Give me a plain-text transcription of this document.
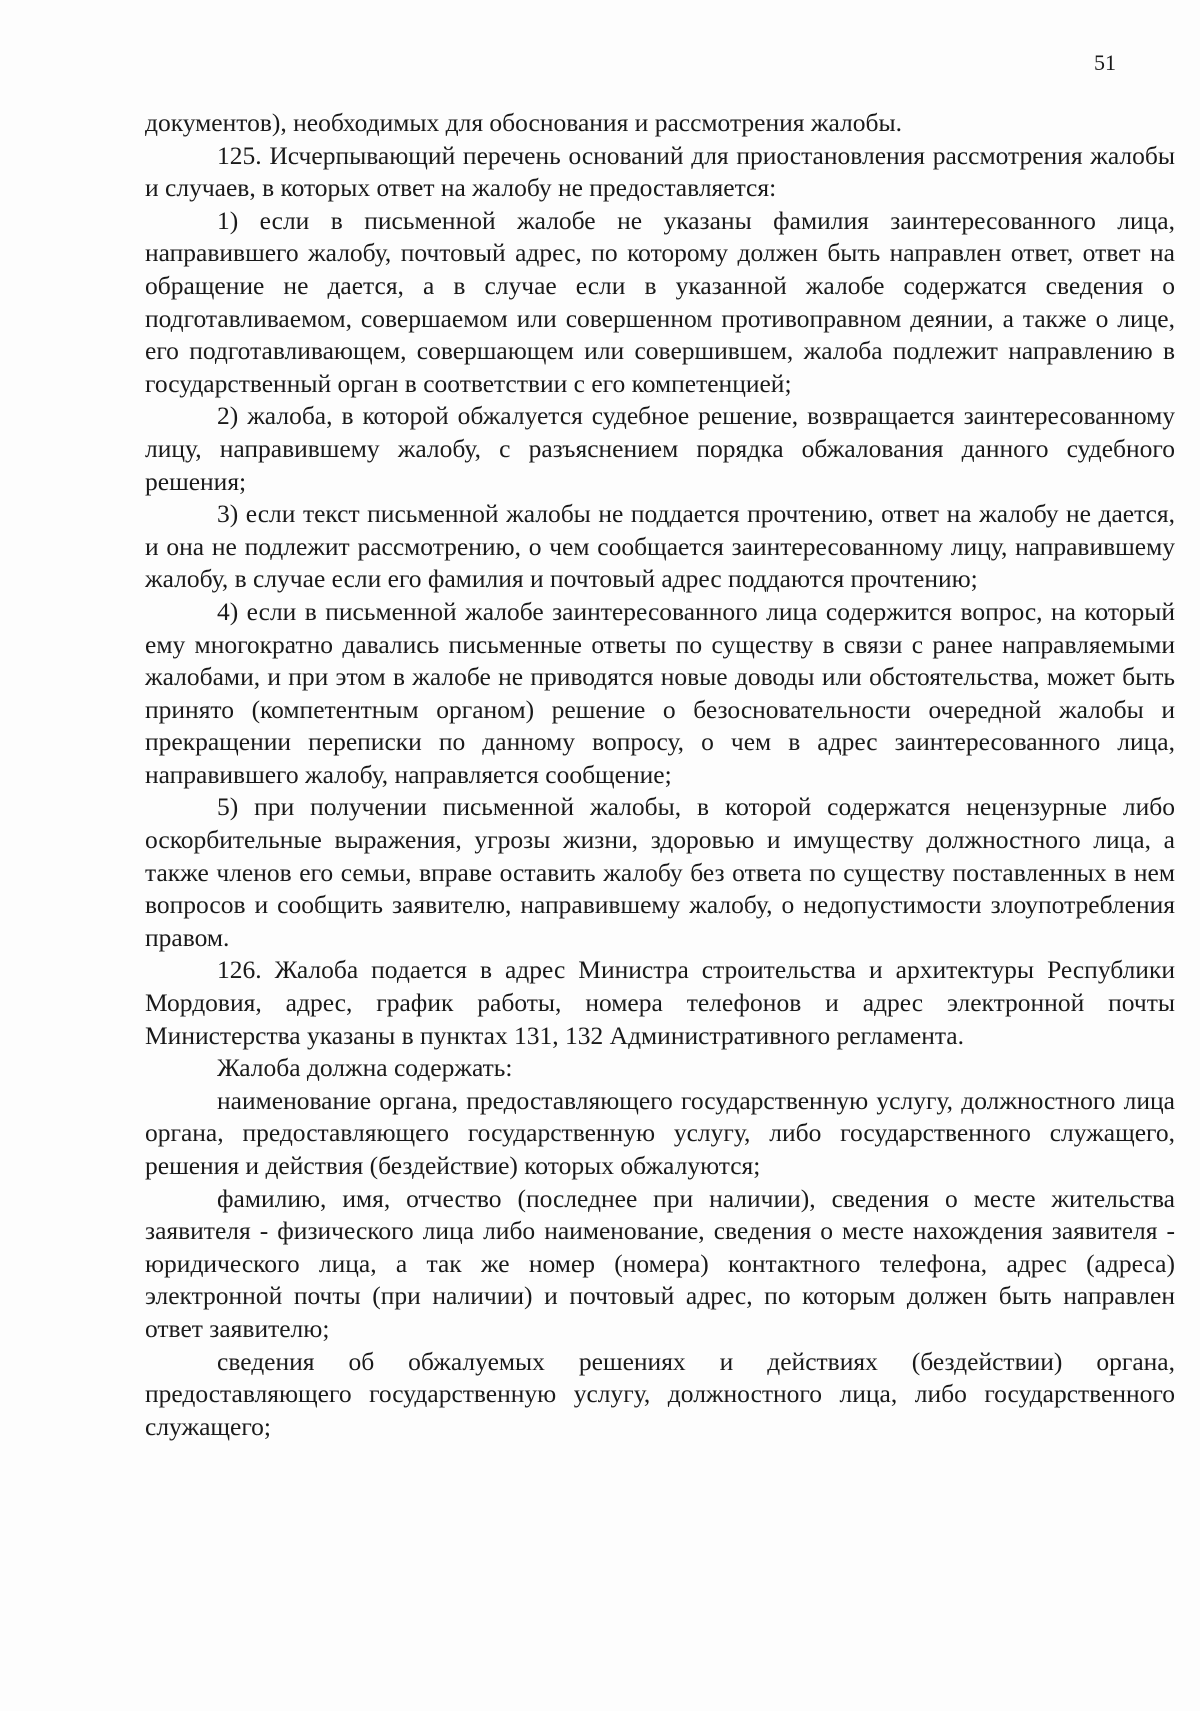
51

документов), необходимых для обоснования и рассмотрения жалобы.

125. Исчерпывающий перечень оснований для приостановления рассмотрения жалобы и случаев, в которых ответ на жалобу не предоставляется:

1) если в письменной жалобе не указаны фамилия заинтересованного лица, направившего жалобу, почтовый адрес, по которому должен быть направлен ответ, ответ на обращение не дается, а в случае если в указанной жалобе содержатся сведения о подготавливаемом, совершаемом или совершенном противоправном деянии, а также о лице, его подготавливающем, совершающем или совершившем, жалоба подлежит направлению в государственный орган в соответствии с его компетенцией;

2) жалоба, в которой обжалуется судебное решение, возвращается заинтересованному лицу, направившему жалобу, с разъяснением порядка обжалования данного судебного решения;

3) если текст письменной жалобы не поддается прочтению, ответ на жалобу не дается, и она не подлежит рассмотрению, о чем сообщается заинтересованному лицу, направившему жалобу, в случае если его фамилия и почтовый адрес поддаются прочтению;

4) если в письменной жалобе заинтересованного лица содержится вопрос, на который ему многократно давались письменные ответы по существу в связи с ранее направляемыми жалобами, и при этом в жалобе не приводятся новые доводы или обстоятельства, может быть принято (компетентным органом) решение о безосновательности очередной жалобы и прекращении переписки по данному вопросу, о чем в адрес заинтересованного лица, направившего жалобу, направляется сообщение;

5) при получении письменной жалобы, в которой содержатся нецензурные либо оскорбительные выражения, угрозы жизни, здоровью и имуществу должностного лица, а также членов его семьи, вправе оставить жалобу без ответа по существу поставленных в нем вопросов и сообщить заявителю, направившему жалобу, о недопустимости злоупотребления правом.

126. Жалоба подается в адрес Министра строительства и архитектуры Республики Мордовия, адрес, график работы, номера телефонов и адрес электронной почты Министерства указаны в пунктах 131, 132 Административного регламента.

Жалоба должна содержать:

наименование органа, предоставляющего государственную услугу, должностного лица органа, предоставляющего государственную услугу, либо государственного служащего, решения и действия (бездействие) которых обжалуются;

фамилию, имя, отчество (последнее при наличии), сведения о месте жительства заявителя - физического лица либо наименование, сведения о месте нахождения заявителя - юридического лица, а так же номер (номера) контактного телефона, адрес (адреса) электронной почты (при наличии) и почтовый адрес, по которым должен быть направлен ответ заявителю;

сведения об обжалуемых решениях и действиях (бездействии) органа, предоставляющего государственную услугу, должностного лица, либо государственного служащего;
